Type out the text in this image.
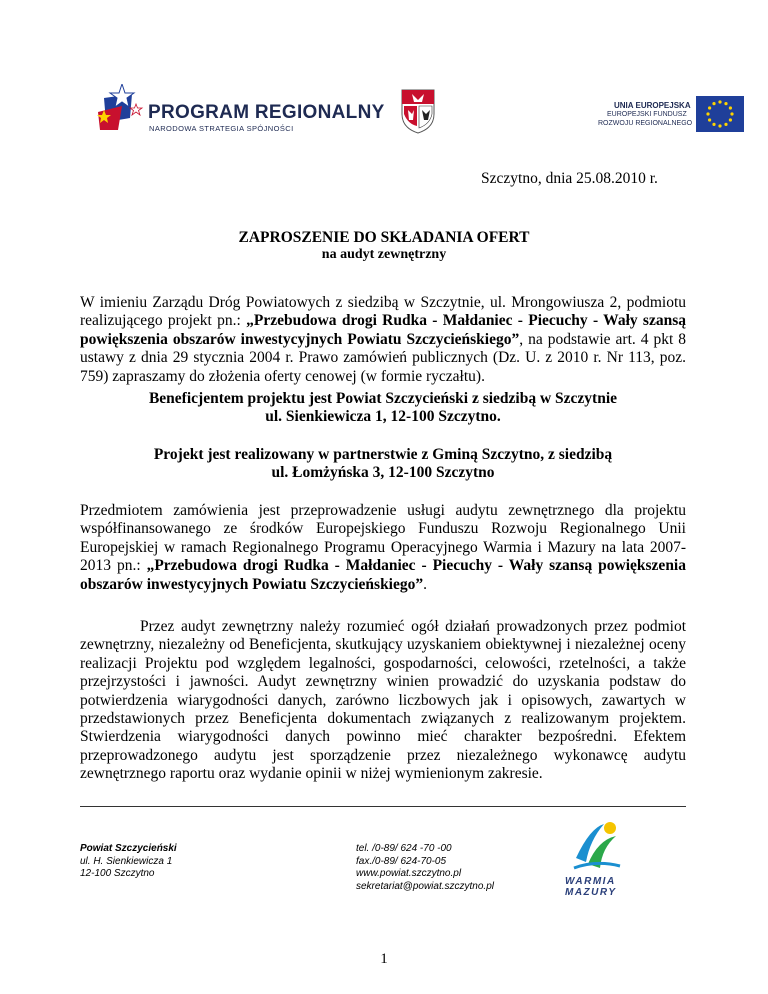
PROGRAM REGIONALNY
NARODOWA STRATEGIA SPÓJNOŚCI
UNIA EUROPEJSKA
EUROPEJSKI FUNDUSZ
ROZWOJU REGIONALNEGO
Szczytno, dnia 25.08.2010 r.
ZAPROSZENIE DO SKŁADANIA OFERT
na audyt zewnętrzny
W imieniu Zarządu Dróg Powiatowych z siedzibą w Szczytnie, ul. Mrongowiusza 2, podmiotu realizującego projekt pn.: „Przebudowa drogi Rudka - Małdaniec - Piecuchy - Wały szansą powiększenia obszarów inwestycyjnych Powiatu Szczycieńskiego”, na podstawie art. 4 pkt 8 ustawy z dnia 29 stycznia 2004 r. Prawo zamówień publicznych (Dz. U. z 2010 r. Nr 113, poz. 759) zapraszamy do złożenia oferty cenowej (w formie ryczałtu).
Beneficjentem projektu jest Powiat Szczycieński z siedzibą w Szczytnie
ul. Sienkiewicza 1, 12-100 Szczytno.
Projekt jest realizowany w partnerstwie z Gminą Szczytno, z siedzibą
ul. Łomżyńska 3, 12-100 Szczytno
Przedmiotem zamówienia jest przeprowadzenie usługi audytu zewnętrznego dla projektu współfinansowanego ze środków Europejskiego Funduszu Rozwoju Regionalnego Unii Europejskiej w ramach Regionalnego Programu Operacyjnego Warmia i Mazury na lata 2007-2013 pn.: „Przebudowa drogi Rudka - Małdaniec - Piecuchy - Wały szansą powiększenia obszarów inwestycyjnych Powiatu Szczycieńskiego”.
Przez audyt zewnętrzny należy rozumieć ogół działań prowadzonych przez podmiot zewnętrzny, niezależny od Beneficjenta, skutkujący uzyskaniem obiektywnej i niezależnej oceny realizacji Projektu pod względem legalności, gospodarności, celowości, rzetelności, a także przejrzystości i jawności. Audyt zewnętrzny winien prowadzić do uzyskania podstaw do potwierdzenia wiarygodności danych, zarówno liczbowych jak i opisowych, zawartych w przedstawionych przez Beneficjenta dokumentach związanych z realizowanym projektem. Stwierdzenia wiarygodności danych powinno mieć charakter bezpośredni. Efektem przeprowadzonego audytu jest sporządzenie przez niezależnego wykonawcę audytu zewnętrznego raportu oraz wydanie opinii w niżej wymienionym zakresie.
Powiat Szczycieński
ul. H. Sienkiewicza 1
12-100 Szczytno
tel. /0-89/ 624 -70 -00
fax./0-89/ 624-70-05
www.powiat.szczytno.pl
sekretariat@powiat.szczytno.pl	WARMIA
MAZURY
1
